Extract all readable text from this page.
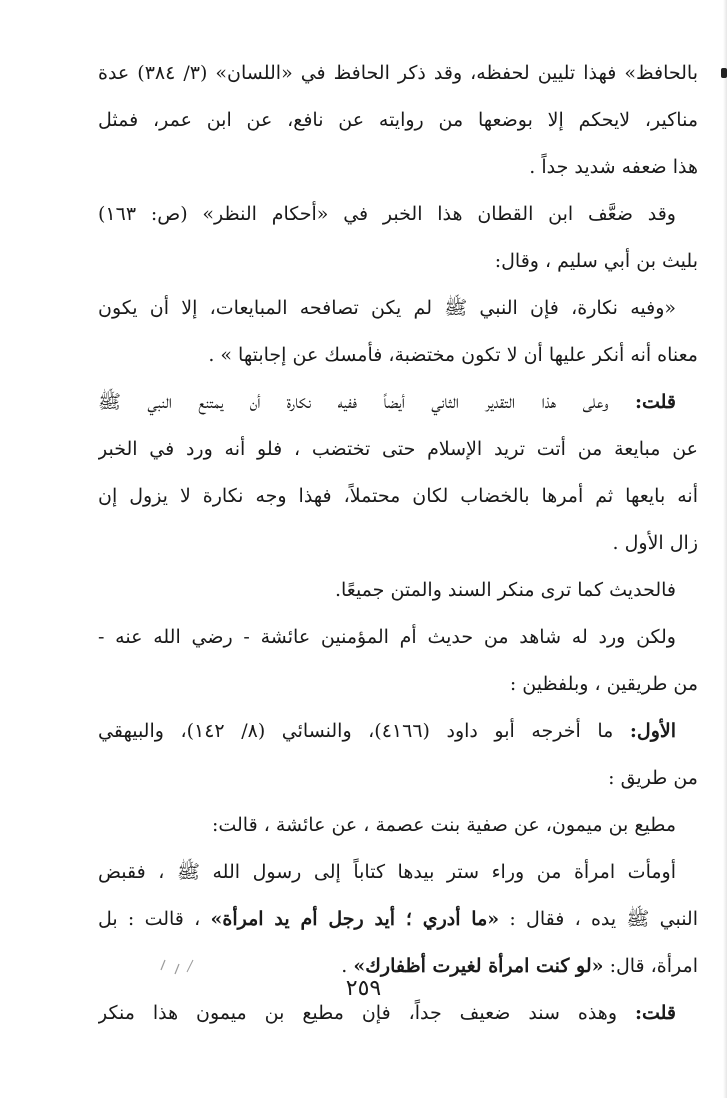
بالحافظ» فهذا تليين لحفظه، وقد ذكر الحافظ في «اللسان» (٣/ ٣٨٤) عدة
مناكير، لايحكم إلا بوضعها من روايته عن نافع، عن ابن عمر، فمثل
هذا ضعفه شديد جداً .
وقد ضعَّف ابن القطان هذا الخبر في «أحكام النظر» (ص: ١٦٣)
بليث بن أبي سليم ، وقال:
«وفيه نكارة، فإن النبي ﷺ لم يكن تصافحه المبايعات، إلا أن يكون
معناه أنه أنكر عليها أن لا تكون مختضبة، فأمسك عن إجابتها » .
قلت: وعلى هذا التقدير الثاني أيضاً ففيه نكارة أن يمتنع النبي ﷺ
عن مبايعة من أتت تريد الإسلام حتى تختضب ، فلو أنه ورد في الخبر
أنه بايعها ثم أمرها بالخضاب لكان محتملاً، فهذا وجه نكارة لا يزول إن
زال الأول .
فالحديث كما ترى منكر السند والمتن جميعًا.
ولكن ورد له شاهد من حديث أم المؤمنين عائشة - رضي الله عنه -
من طريقين ، وبلفظين :
الأول: ما أخرجه أبو داود (٤١٦٦)، والنسائي (٨/ ١٤٢)، والبيهقي
من طريق :
مطيع بن ميمون، عن صفية بنت عصمة ، عن عائشة ، قالت:
أومأت امرأة من وراء ستر بيدها كتاباً إلى رسول الله ﷺ ، فقبض
النبي ﷺ يده ، فقال : «ما أدري ؛ أيد رجل أم يد امرأة» ، قالت : بل
امرأة، قال: «لو كنت امرأة لغيرت أظفارك» .
قلت: وهذه سند ضعيف جداً، فإن مطيع بن ميمون هذا منكر
٢٥٩
